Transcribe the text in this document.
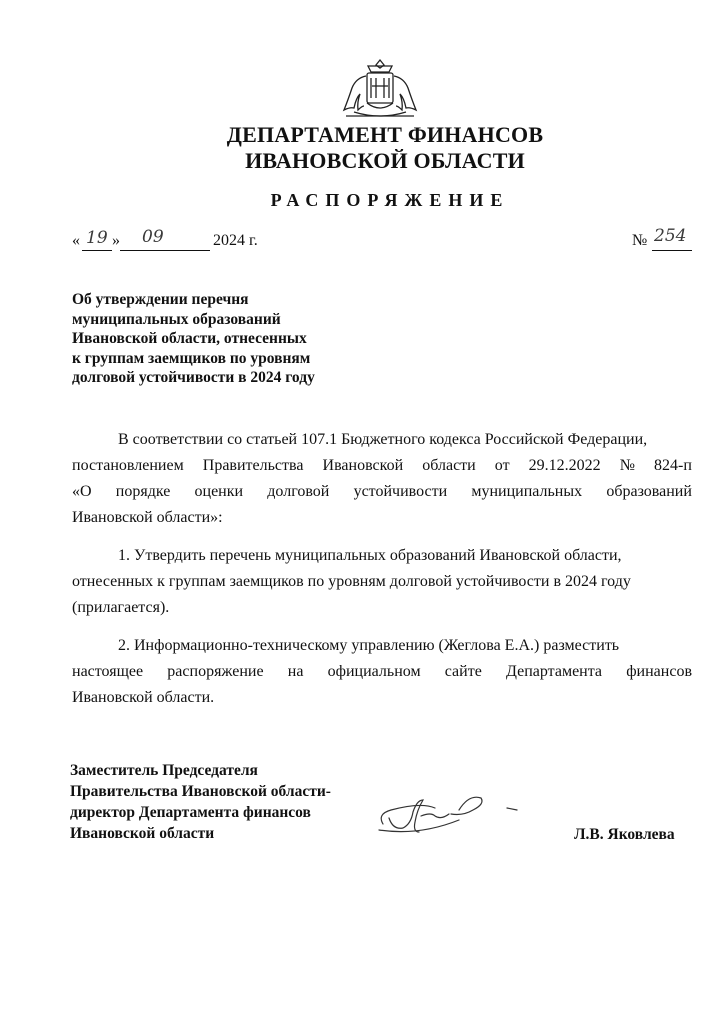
ДЕПАРТАМЕНТ ФИНАНСОВ
ИВАНОВСКОЙ ОБЛАСТИ
РАСПОРЯЖЕНИЕ
« 19 » 09	2024 г.	№ 254
Об утверждении перечня
муниципальных образований
Ивановской области, отнесенных
к группам заемщиков по уровням
долговой устойчивости в 2024 году
В соответствии со статьей 107.1 Бюджетного кодекса Российской Федерации,
постановлением Правительства Ивановской области от 29.12.2022 № 824-п
«О порядке оценки долговой устойчивости муниципальных образований
Ивановской области»:
1. Утвердить перечень муниципальных образований Ивановской области,
отнесенных к группам заемщиков по уровням долговой устойчивости в 2024 году
(прилагается).
2. Информационно-техническому управлению (Жеглова Е.А.) разместить
настоящее распоряжение на официальном сайте Департамента финансов
Ивановской области.
Заместитель Председателя
Правительства Ивановской области-
директор Департамента финансов
Ивановской области	Л.В. Яковлева
